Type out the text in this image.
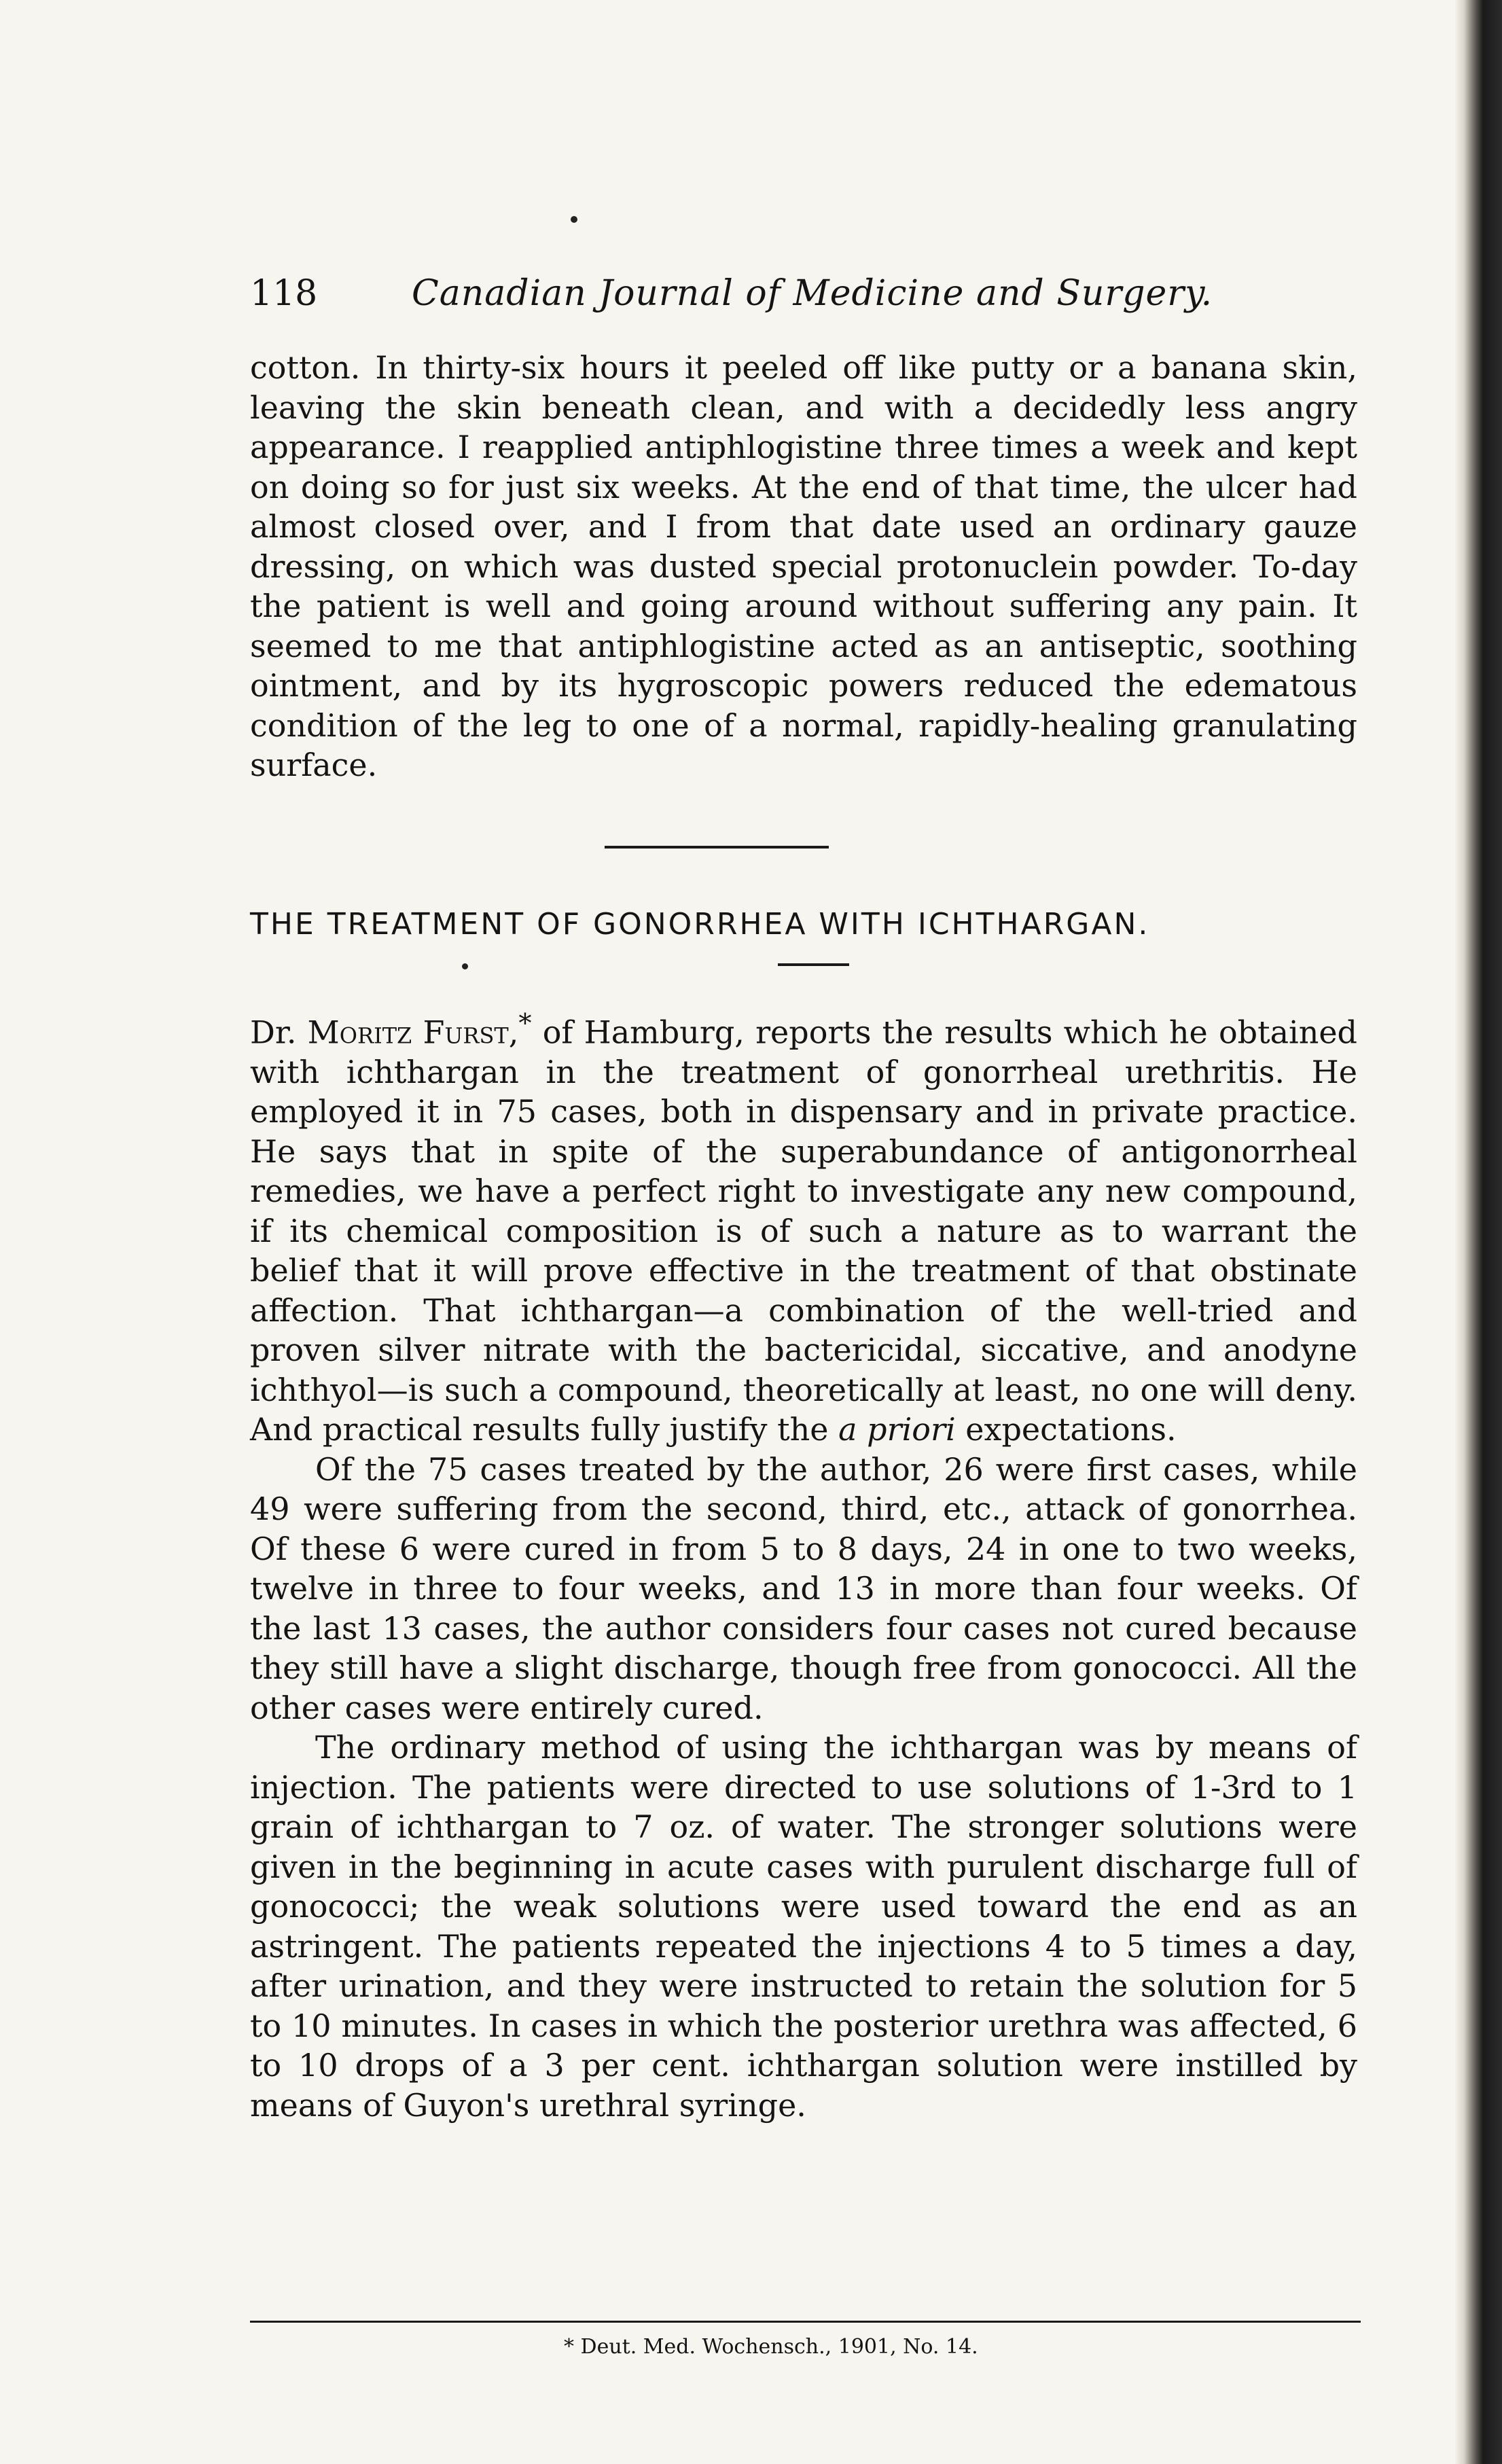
118	Canadian Journal of Medicine and Surgery.

cotton. In thirty-six hours it peeled off like putty or a banana skin, leaving the skin beneath clean, and with a decidedly less angry appearance. I reapplied antiphlogistine three times a week and kept on doing so for just six weeks. At the end of that time, the ulcer had almost closed over, and I from that date used an ordinary gauze dressing, on which was dusted special protonuclein powder. To-day the patient is well and going around without suffering any pain. It seemed to me that antiphlogistine acted as an antiseptic, soothing ointment, and by its hygroscopic powers reduced the edematous condition of the leg to one of a normal, rapidly-healing granulating surface.

THE TREATMENT OF GONORRHEA WITH ICHTHARGAN.

Dr. Moritz Furst,* of Hamburg, reports the results which he obtained with ichthargan in the treatment of gonorrheal urethritis. He employed it in 75 cases, both in dispensary and in private practice. He says that in spite of the superabundance of antigonorrheal remedies, we have a perfect right to investigate any new compound, if its chemical composition is of such a nature as to warrant the belief that it will prove effective in the treatment of that obstinate affection. That ichthargan—a combination of the well-tried and proven silver nitrate with the bactericidal, siccative, and anodyne ichthyol—is such a compound, theoretically at least, no one will deny. And practical results fully justify the a priori expectations.

Of the 75 cases treated by the author, 26 were first cases, while 49 were suffering from the second, third, etc., attack of gonorrhea. Of these 6 were cured in from 5 to 8 days, 24 in one to two weeks, twelve in three to four weeks, and 13 in more than four weeks. Of the last 13 cases, the author considers four cases not cured because they still have a slight discharge, though free from gonococci. All the other cases were entirely cured.

The ordinary method of using the ichthargan was by means of injection. The patients were directed to use solutions of 1-3rd to 1 grain of ichthargan to 7 oz. of water. The stronger solutions were given in the beginning in acute cases with purulent discharge full of gonococci; the weak solutions were used toward the end as an astringent. The patients repeated the injections 4 to 5 times a day, after urination, and they were instructed to retain the solution for 5 to 10 minutes. In cases in which the posterior urethra was affected, 6 to 10 drops of a 3 per cent. ichthargan solution were instilled by means of Guyon's urethral syringe.

* Deut. Med. Wochensch., 1901, No. 14.
